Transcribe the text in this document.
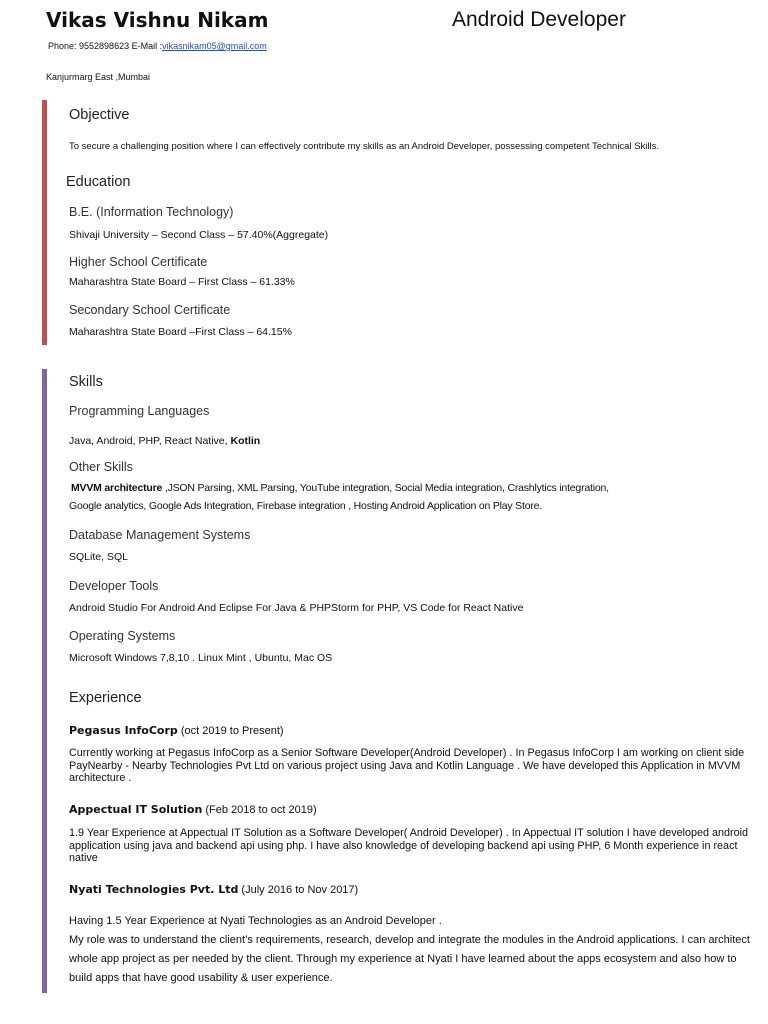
Vikas Vishnu Nikam	Android Developer
Phone: 9552898623 E-Mail :vikasnikam05@gmail.com
Kanjurmarg East ,Mumbai
Objective
To secure a challenging position where I can effectively contribute my skills as an Android Developer, possessing competent Technical Skills.
Education
B.E. (Information Technology)
Shivaji University – Second Class – 57.40%(Aggregate)
Higher School Certificate
Maharashtra State Board – First Class – 61.33%
Secondary School Certificate
Maharashtra State Board –First Class – 64.15%
Skills
Programming Languages
Java, Android, PHP, React Native, Kotlin
Other Skills
MVVM architecture ,JSON Parsing, XML Parsing, YouTube integration, Social Media integration, Crashlytics integration,
Google analytics, Google Ads Integration, Firebase integration , Hosting Android Application on Play Store.
Database Management Systems
SQLite, SQL
Developer Tools
Android Studio For Android And Eclipse For Java & PHPStorm for PHP, VS Code for React Native
Operating Systems
Microsoft Windows 7,8,10 . Linux Mint , Ubuntu, Mac OS
Experience
Pegasus InfoCorp (oct 2019 to Present)
Currently working at Pegasus InfoCorp as a Senior Software Developer(Android Developer) . In Pegasus InfoCorp I am working on client side PayNearby - Nearby Technologies Pvt Ltd on various project using Java and Kotlin Language . We have developed this Application in MVVM architecture .
Appectual IT Solution (Feb 2018 to oct 2019)
1.9 Year Experience at Appectual IT Solution as a Software Developer( Android Developer) . In Appectual IT solution I have developed android application using java and backend api using php. I have also knowledge of developing backend api using PHP, 6 Month experience in react native
Nyati Technologies Pvt. Ltd (July 2016 to Nov 2017)
Having 1.5 Year Experience at Nyati Technologies as an Android Developer .
My role was to understand the client’s requirements, research, develop and integrate the modules in the Android applications. I can architect whole app project as per needed by the client. Through my experience at Nyati I have learned about the apps ecosystem and also how to build apps that have good usability & user experience.
